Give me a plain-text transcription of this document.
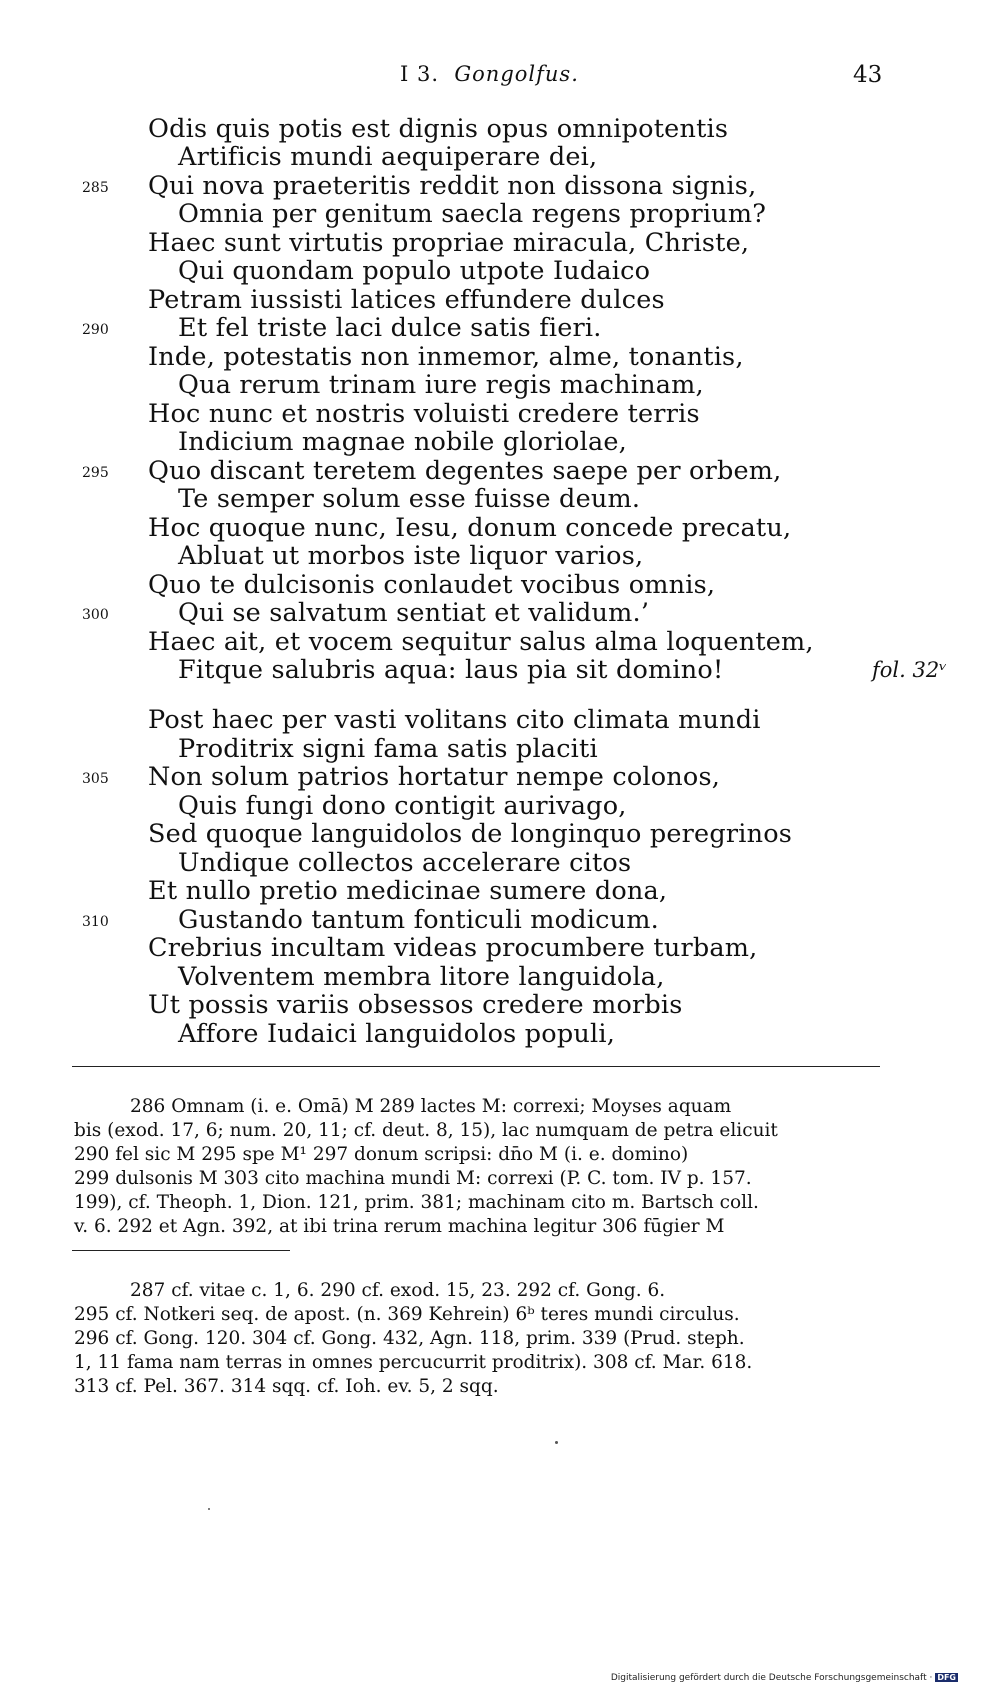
I 3. Gongolfus.	43
Odis quis potis est dignis opus omnipotentis
Artificis mundi aequiperare dei,
Qui nova praeteritis reddit non dissona signis,
Omnia per genitum saecla regens proprium?
Haec sunt virtutis propriae miracula, Christe,
Qui quondam populo utpote Iudaico
Petram iussisti latices effundere dulces
Et fel triste laci dulce satis fieri.
Inde, potestatis non inmemor, alme, tonantis,
Qua rerum trinam iure regis machinam,
Hoc nunc et nostris voluisti credere terris
Indicium magnae nobile gloriolae,
Quo discant teretem degentes saepe per orbem,
Te semper solum esse fuisse deum.
Hoc quoque nunc, Iesu, donum concede precatu,
Abluat ut morbos iste liquor varios,
Quo te dulcisonis conlaudet vocibus omnis,
Qui se salvatum sentiat et validum.’
Haec ait, et vocem sequitur salus alma loquentem,
Fitque salubris aqua: laus pia sit domino!
Post haec per vasti volitans cito climata mundi
Proditrix signi fama satis placiti
Non solum patrios hortatur nempe colonos,
Quis fungi dono contigit aurivago,
Sed quoque languidolos de longinquo peregrinos
Undique collectos accelerare citos
Et nullo pretio medicinae sumere dona,
Gustando tantum fonticuli modicum.
Crebrius incultam videas procumbere turbam,
Volventem membra litore languidola,
Ut possis variis obsessos credere morbis
Affore Iudaici languidolos populi,
285
290
295
300
305
310
fol. 32ᵛ
286 Omnam (i. e. Omā) M 289 lactes M: correxi; Moyses aquam
bis (exod. 17, 6; num. 20, 11; cf. deut. 8, 15), lac numquam de petra elicuit
290 fel sic M 295 spe M¹ 297 donum scripsi: dn̄o M (i. e. domino)
299 dulsonis M 303 cito machina mundi M: correxi (P. C. tom. IV p. 157.
199), cf. Theoph. 1, Dion. 121, prim. 381; machinam cito m. Bartsch coll.
v. 6. 292 et Agn. 392, at ibi trina rerum machina legitur 306 fūgier M
287 cf. vitae c. 1, 6. 290 cf. exod. 15, 23. 292 cf. Gong. 6.
295 cf. Notkeri seq. de apost. (n. 369 Kehrein) 6ᵇ teres mundi circulus.
296 cf. Gong. 120. 304 cf. Gong. 432, Agn. 118, prim. 339 (Prud. steph.
1, 11 fama nam terras in omnes percucurrit proditrix). 308 cf. Mar. 618.
313 cf. Pel. 367. 314 sqq. cf. Ioh. ev. 5, 2 sqq.
Digitalisierung gefördert durch die Deutsche Forschungsgemeinschaft · DFG
